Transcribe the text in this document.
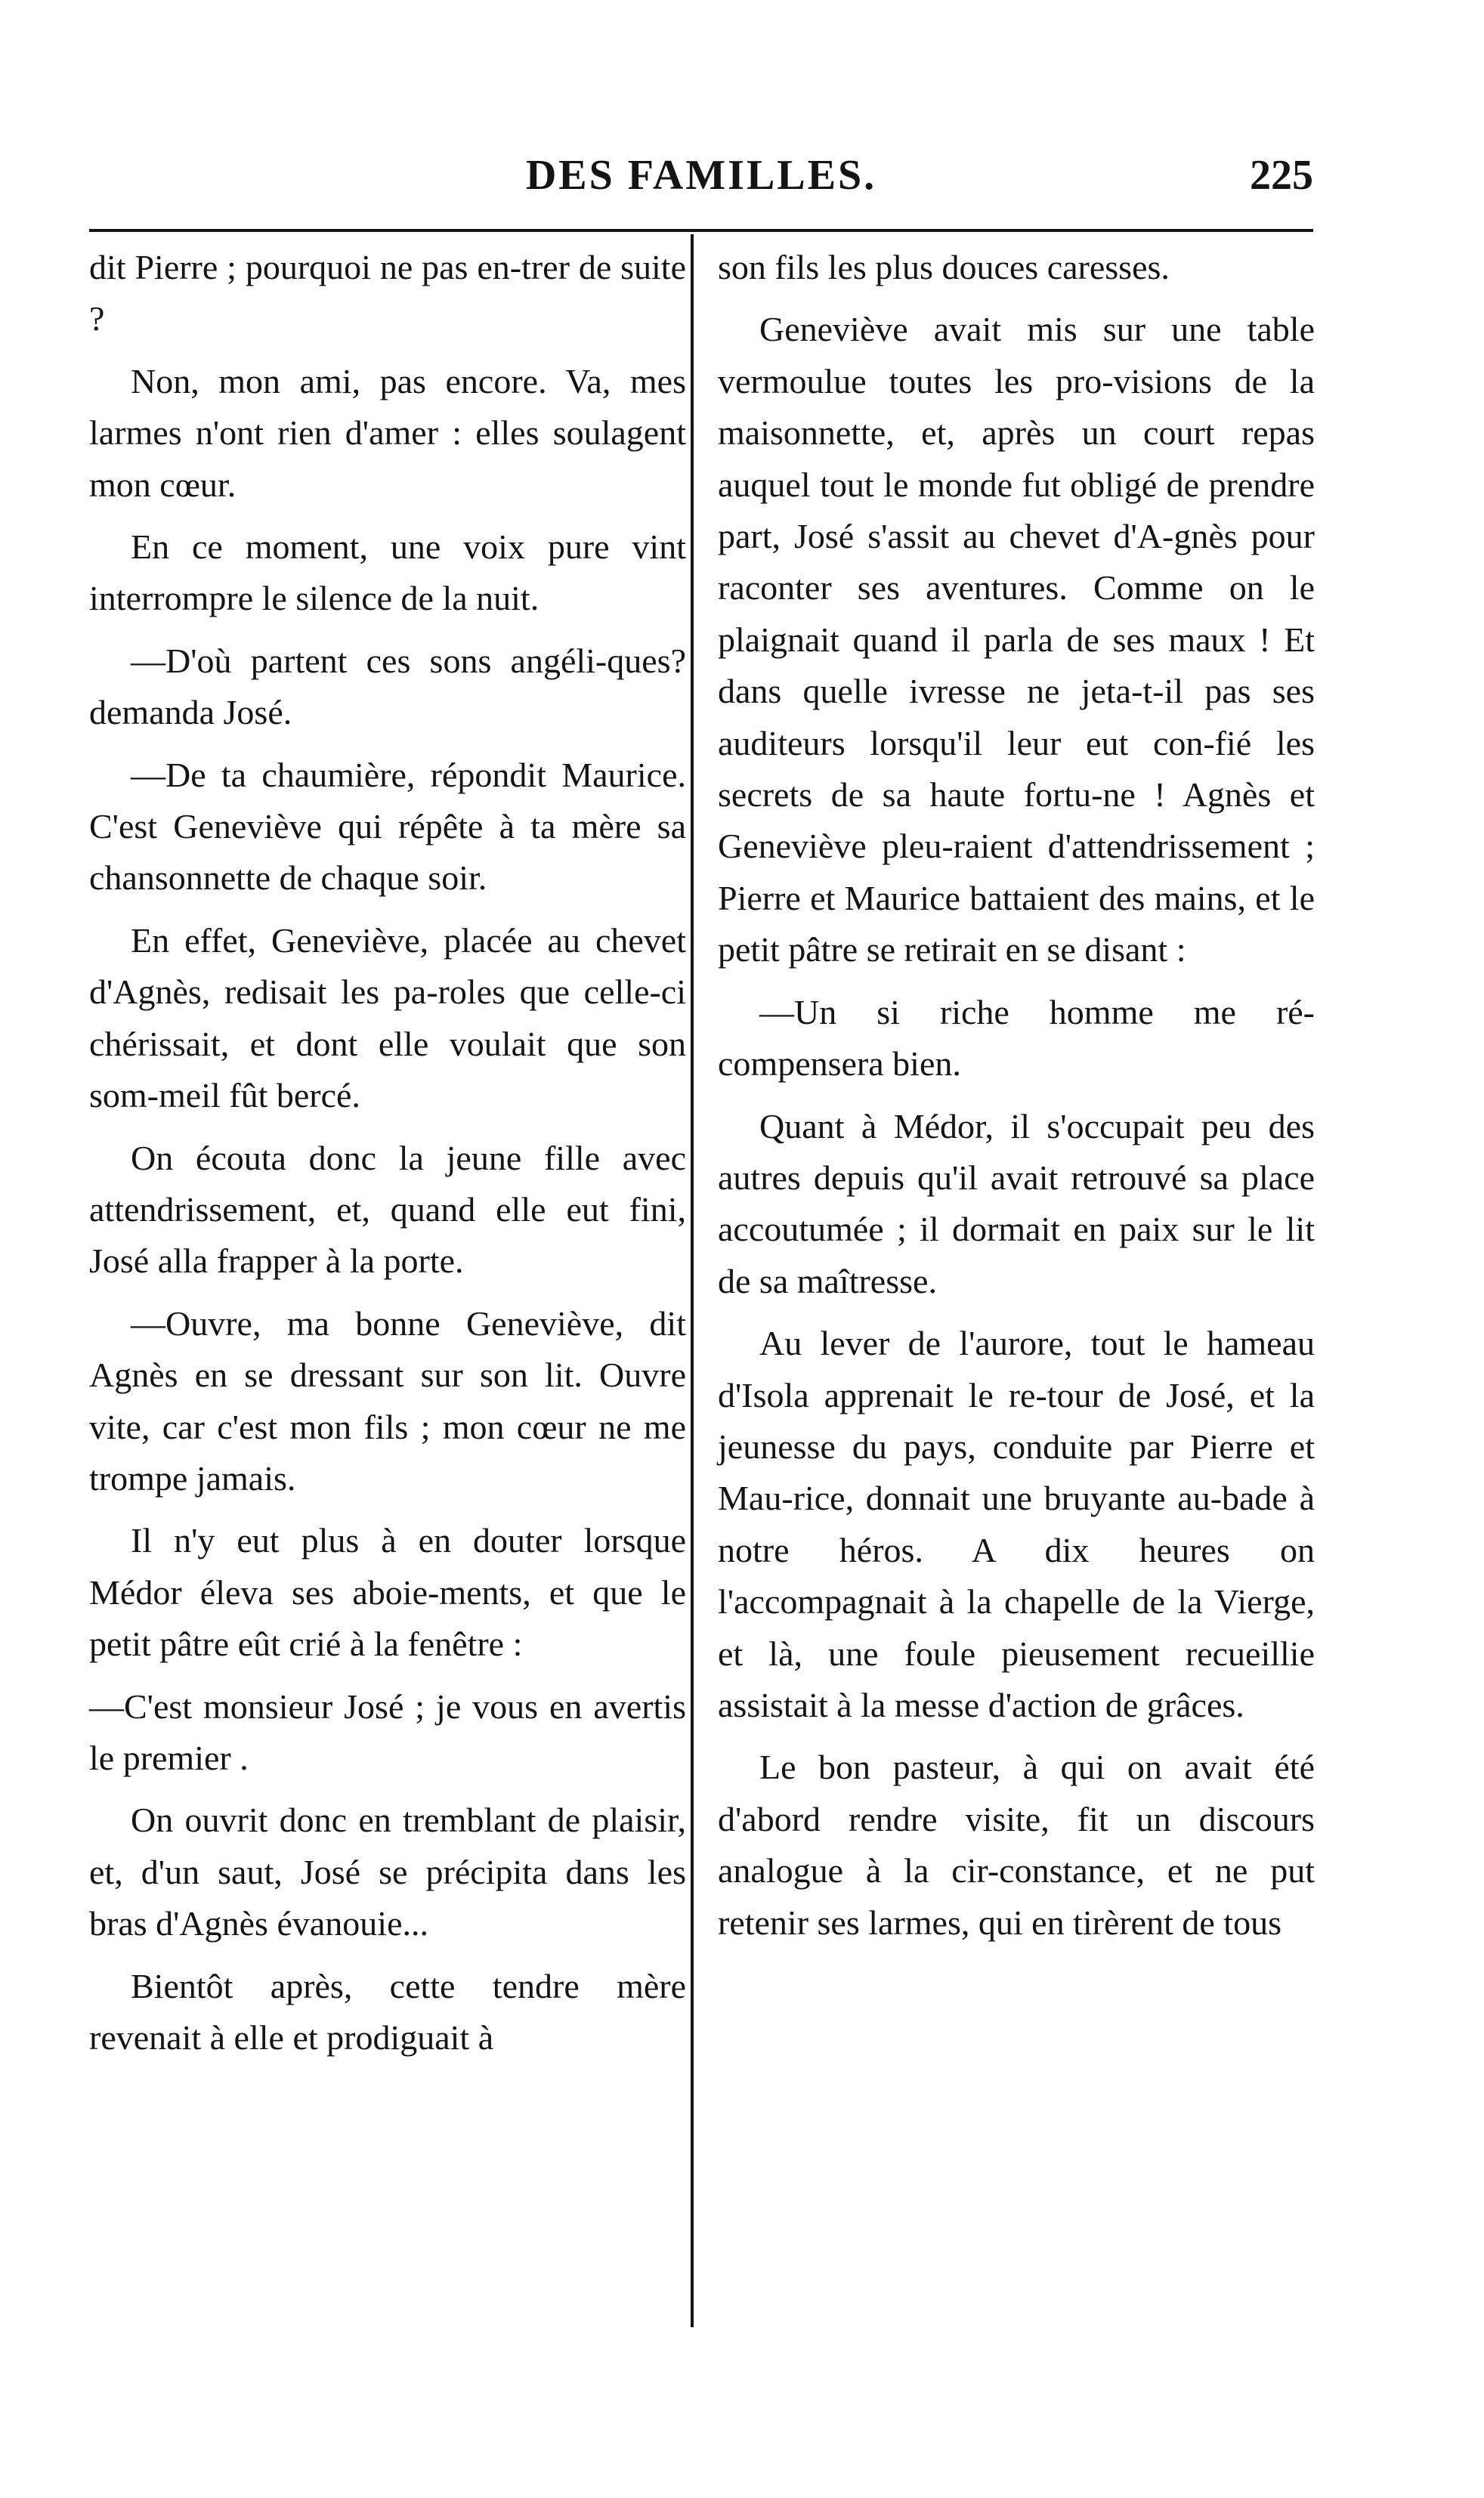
DES FAMILLES.	225

dit Pierre ; pourquoi ne pas en-trer de suite ?

Non, mon ami, pas encore. Va, mes larmes n'ont rien d'amer : elles soulagent mon cœur.

En ce moment, une voix pure vint interrompre le silence de la nuit.

—D'où partent ces sons angéli-ques? demanda José.

—De ta chaumière, répondit Maurice. C'est Geneviève qui répête à ta mère sa chansonnette de chaque soir.

En effet, Geneviève, placée au chevet d'Agnès, redisait les pa-roles que celle-ci chérissait, et dont elle voulait que son som-meil fût bercé.

On écouta donc la jeune fille avec attendrissement, et, quand elle eut fini, José alla frapper à la porte.

—Ouvre, ma bonne Geneviève, dit Agnès en se dressant sur son lit. Ouvre vite, car c'est mon fils ; mon cœur ne me trompe jamais.

Il n'y eut plus à en douter lorsque Médor éleva ses aboie-ments, et que le petit pâtre eût crié à la fenêtre :

—C'est monsieur José ; je vous en avertis le premier .

On ouvrit donc en tremblant de plaisir, et, d'un saut, José se précipita dans les bras d'Agnès évanouie...

Bientôt après, cette tendre mère revenait à elle et prodiguait à

son fils les plus douces caresses.

Geneviève avait mis sur une table vermoulue toutes les pro-visions de la maisonnette, et, après un court repas auquel tout le monde fut obligé de prendre part, José s'assit au chevet d'A-gnès pour raconter ses aventures. Comme on le plaignait quand il parla de ses maux ! Et dans quelle ivresse ne jeta-t-il pas ses auditeurs lorsqu'il leur eut con-fié les secrets de sa haute fortu-ne ! Agnès et Geneviève pleu-raient d'attendrissement ; Pierre et Maurice battaient des mains, et le petit pâtre se retirait en se disant :

—Un si riche homme me ré-compensera bien.

Quant à Médor, il s'occupait peu des autres depuis qu'il avait retrouvé sa place accoutumée ; il dormait en paix sur le lit de sa maîtresse.

Au lever de l'aurore, tout le hameau d'Isola apprenait le re-tour de José, et la jeunesse du pays, conduite par Pierre et Mau-rice, donnait une bruyante au-bade à notre héros. A dix heures on l'accompagnait à la chapelle de la Vierge, et là, une foule pieusement recueillie assistait à la messe d'action de grâces.

Le bon pasteur, à qui on avait été d'abord rendre visite, fit un discours analogue à la cir-constance, et ne put retenir ses larmes, qui en tirèrent de tous
